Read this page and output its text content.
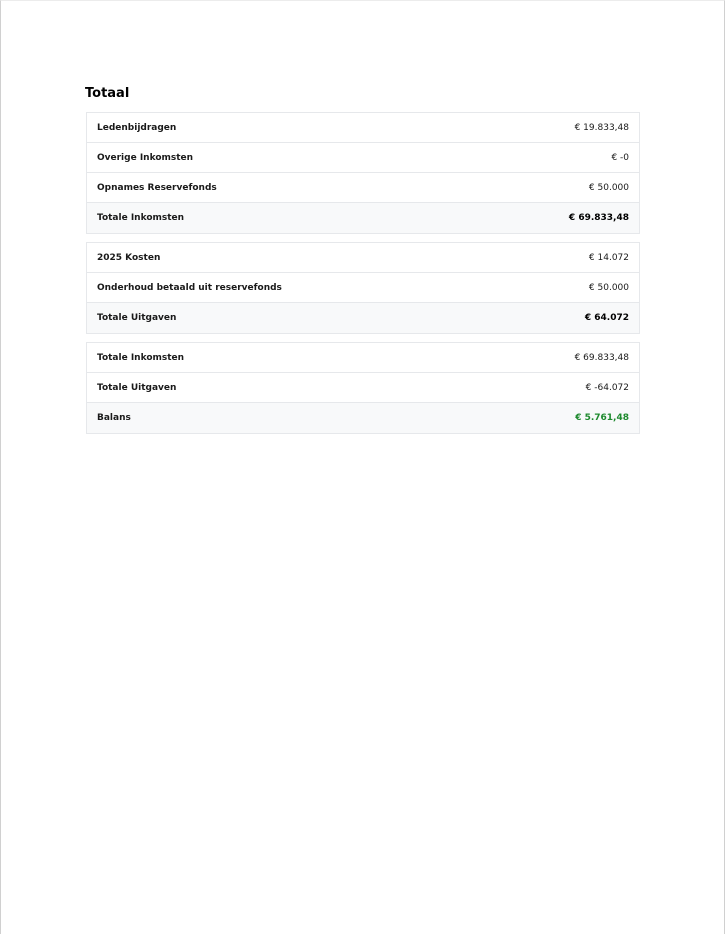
Totaal
Ledenbijdragen	€ 19.833,48
Overige Inkomsten	€ -0
Opnames Reservefonds	€ 50.000
Totale Inkomsten	€ 69.833,48
2025 Kosten	€ 14.072
Onderhoud betaald uit reservefonds	€ 50.000
Totale Uitgaven	€ 64.072
Totale Inkomsten	€ 69.833,48
Totale Uitgaven	€ -64.072
Balans	€ 5.761,48
